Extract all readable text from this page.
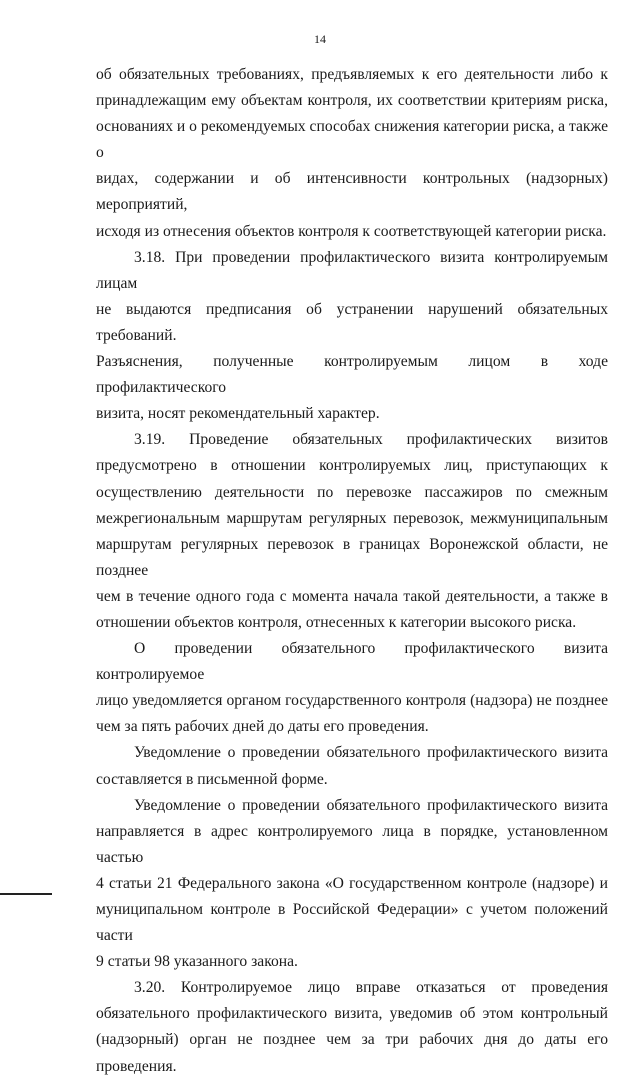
14

об обязательных требованиях, предъявляемых к его деятельности либо к

принадлежащим ему объектам контроля, их соответствии критериям риска,

основаниях и о рекомендуемых способах снижения категории риска, а также о

видах, содержании и об интенсивности контрольных (надзорных) мероприятий,

исходя из отнесения объектов контроля к соответствующей категории риска.

3.18. При проведении профилактического визита контролируемым лицам

не выдаются предписания об устранении нарушений обязательных требований.

Разъяснения, полученные контролируемым лицом в ходе профилактического

визита, носят рекомендательный характер.

3.19. Проведение обязательных профилактических визитов

предусмотрено в отношении контролируемых лиц, приступающих к

осуществлению деятельности по перевозке пассажиров по смежным

межрегиональным маршрутам регулярных перевозок, межмуниципальным

маршрутам регулярных перевозок в границах Воронежской области, не позднее

чем в течение одного года с момента начала такой деятельности, а также в

отношении объектов контроля, отнесенных к категории высокого риска.

О проведении обязательного профилактического визита контролируемое

лицо уведомляется органом государственного контроля (надзора) не позднее

чем за пять рабочих дней до даты его проведения.

Уведомление о проведении обязательного профилактического визита

составляется в письменной форме.

Уведомление о проведении обязательного профилактического визита

направляется в адрес контролируемого лица в порядке, установленном частью

4 статьи 21 Федерального закона «О государственном контроле (надзоре) и

муниципальном контроле в Российской Федерации» с учетом положений части

9 статьи 98 указанного закона.

3.20. Контролируемое лицо вправе отказаться от проведения

обязательного профилактического визита, уведомив об этом контрольный

(надзорный) орган не позднее чем за три рабочих дня до даты его проведения.
